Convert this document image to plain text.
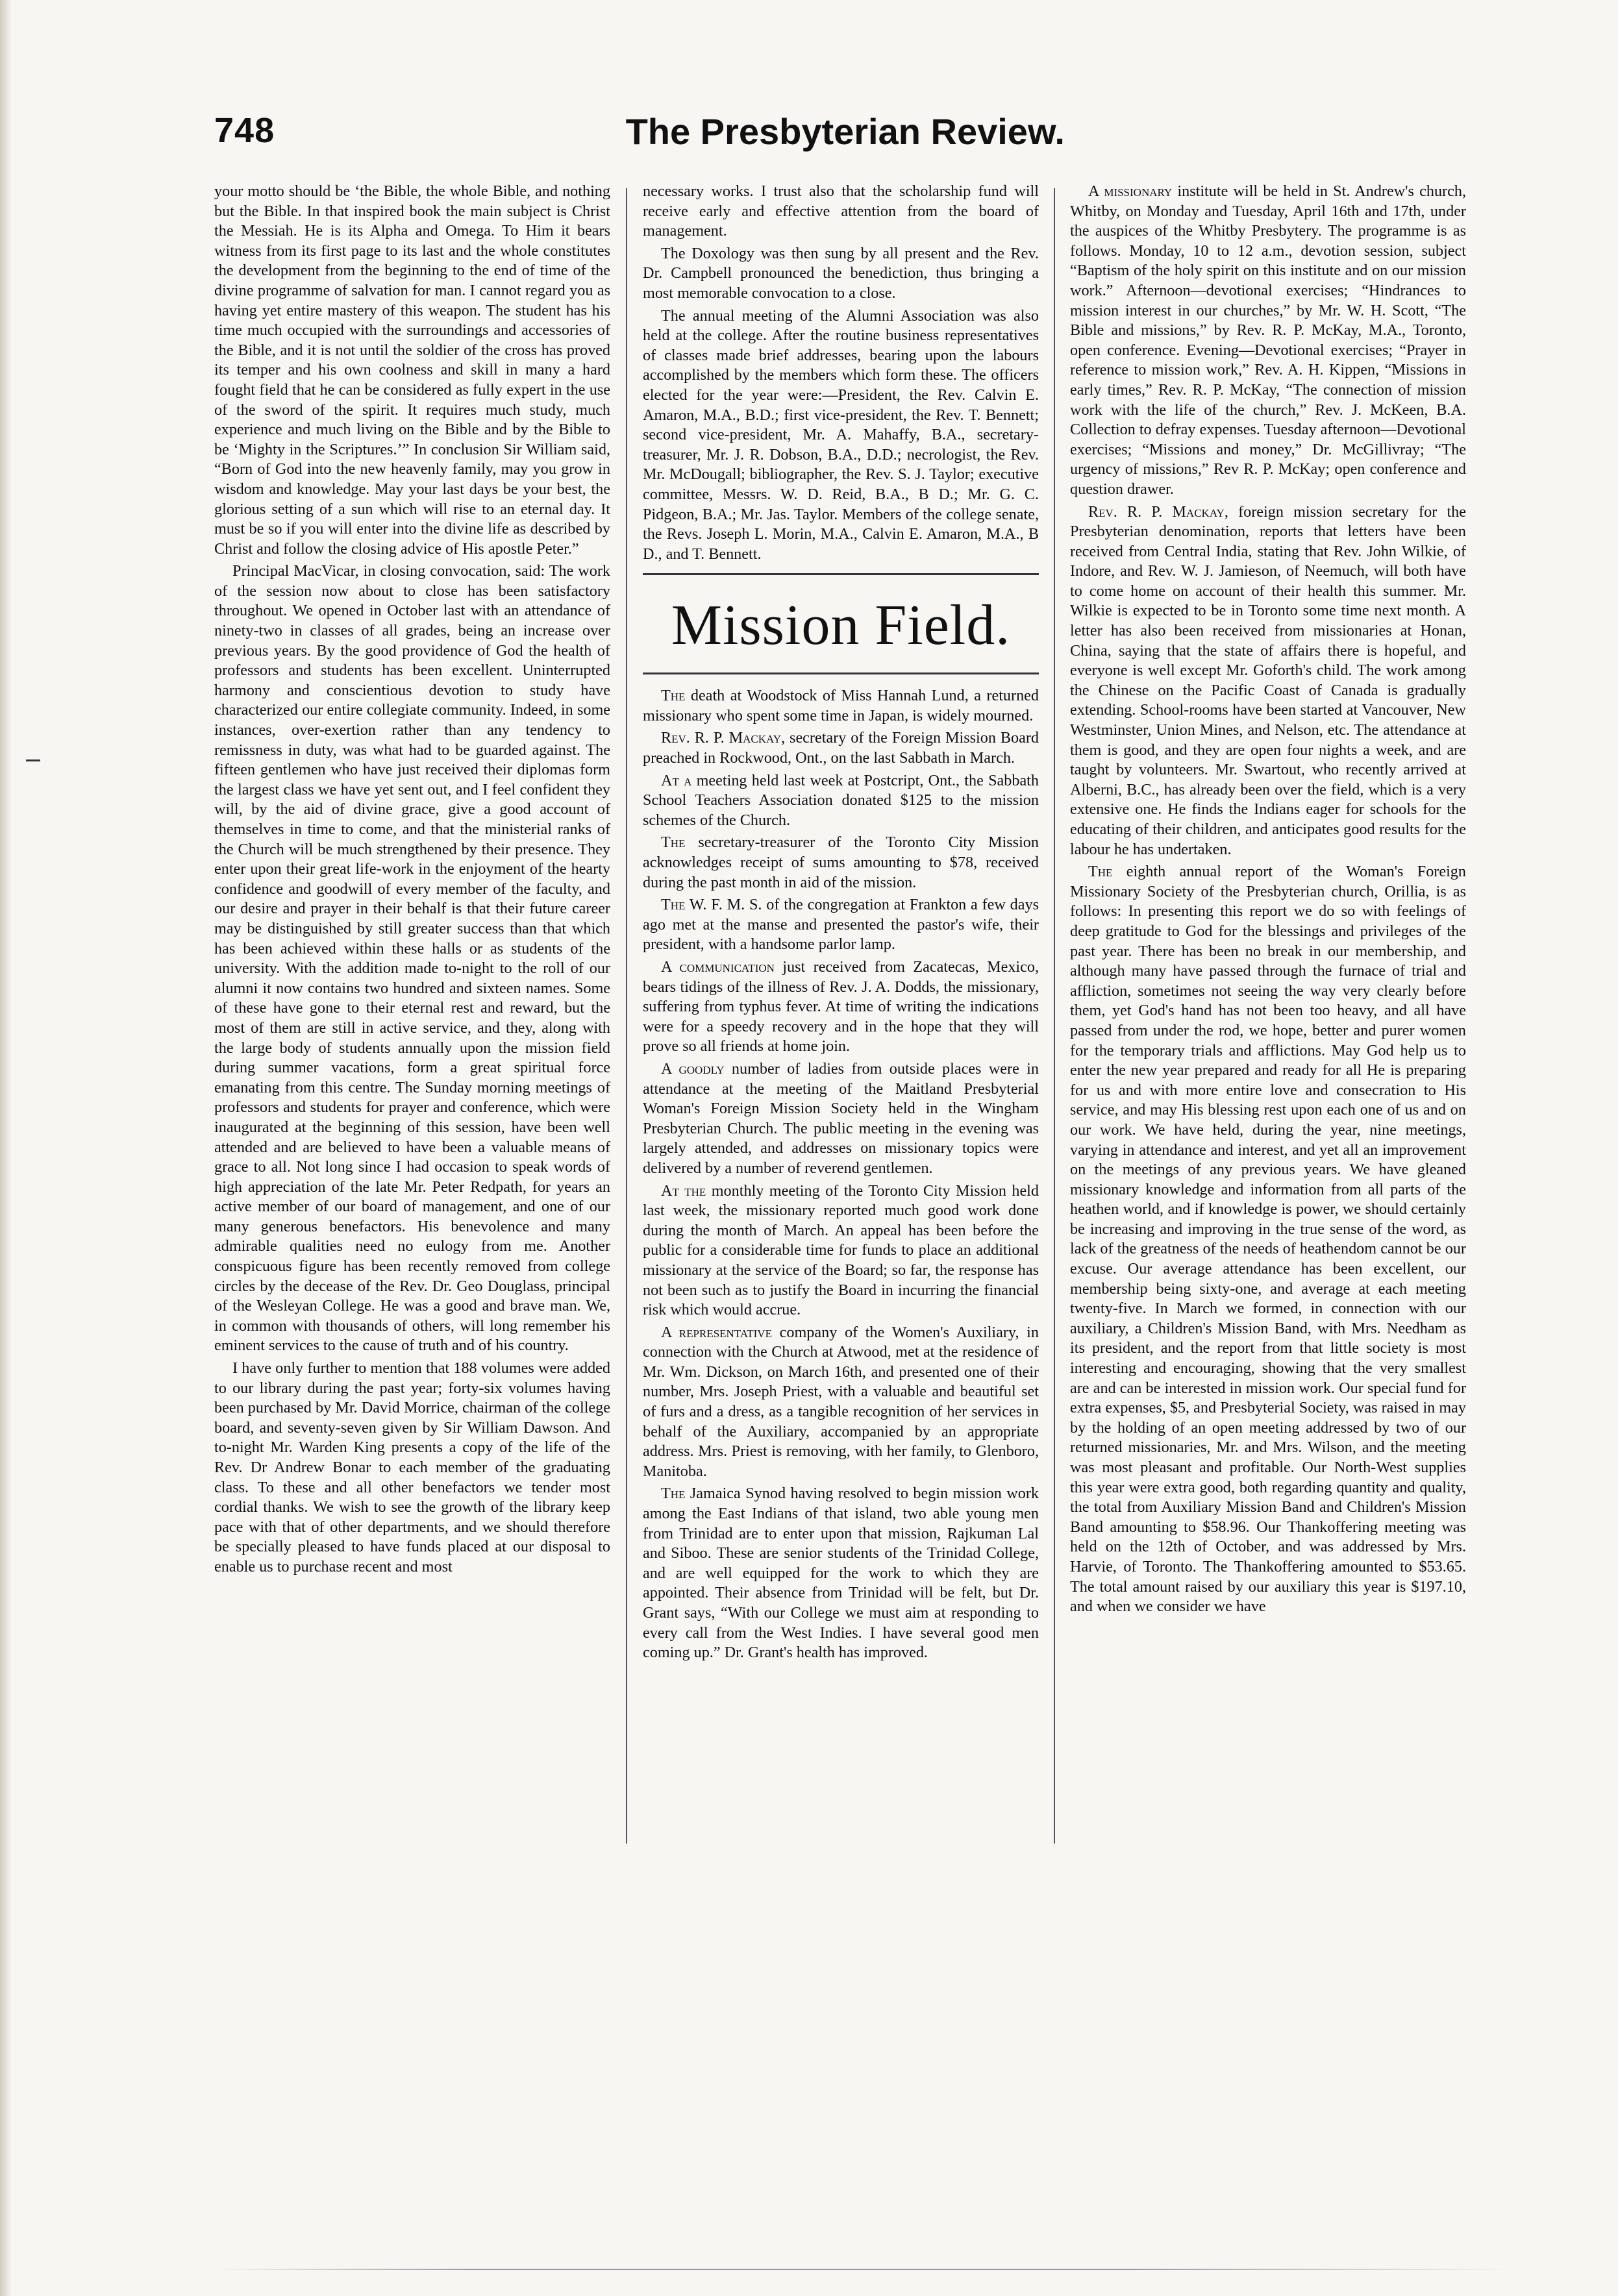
748	The Presbyterian Review.

your motto should be ‘the Bible, the whole Bible, and nothing but the Bible. In that inspired book the main subject is Christ the Messiah. He is its Alpha and Omega. To Him it bears witness from its first page to its last and the whole constitutes the development from the beginning to the end of time of the divine programme of salvation for man. I cannot regard you as having yet entire mastery of this weapon. The student has his time much occupied with the surroundings and accessories of the Bible, and it is not until the soldier of the cross has proved its temper and his own coolness and skill in many a hard fought field that he can be considered as fully expert in the use of the sword of the spirit. It requires much study, much experience and much living on the Bible and by the Bible to be ‘Mighty in the Scriptures.’” In conclusion Sir William said, “Born of God into the new heavenly family, may you grow in wisdom and knowledge. May your last days be your best, the glorious setting of a sun which will rise to an eternal day. It must be so if you will enter into the divine life as described by Christ and follow the closing advice of His apostle Peter.”

Principal MacVicar, in closing convocation, said: The work of the session now about to close has been satisfactory throughout. We opened in October last with an attendance of ninety-two in classes of all grades, being an increase over previous years. By the good providence of God the health of professors and students has been excellent. Uninterrupted harmony and conscientious devotion to study have characterized our entire collegiate community. Indeed, in some instances, over-exertion rather than any tendency to remissness in duty, was what had to be guarded against. The fifteen gentlemen who have just received their diplomas form the largest class we have yet sent out, and I feel confident they will, by the aid of divine grace, give a good account of themselves in time to come, and that the ministerial ranks of the Church will be much strengthened by their presence. They enter upon their great life-work in the enjoyment of the hearty confidence and goodwill of every member of the faculty, and our desire and prayer in their behalf is that their future career may be distinguished by still greater success than that which has been achieved within these halls or as students of the university. With the addition made to-night to the roll of our alumni it now contains two hundred and sixteen names. Some of these have gone to their eternal rest and reward, but the most of them are still in active service, and they, along with the large body of students annually upon the mission field during summer vacations, form a great spiritual force emanating from this centre. The Sunday morning meetings of professors and students for prayer and conference, which were inaugurated at the beginning of this session, have been well attended and are believed to have been a valuable means of grace to all. Not long since I had occasion to speak words of high appreciation of the late Mr. Peter Redpath, for years an active member of our board of management, and one of our many generous benefactors. His benevolence and many admirable qualities need no eulogy from me. Another conspicuous figure has been recently removed from college circles by the decease of the Rev. Dr. Geo Douglass, principal of the Wesleyan College. He was a good and brave man. We, in common with thousands of others, will long remember his eminent services to the cause of truth and of his country.

I have only further to mention that 188 volumes were added to our library during the past year; forty-six volumes having been purchased by Mr. David Morrice, chairman of the college board, and seventy-seven given by Sir William Dawson. And to-night Mr. Warden King presents a copy of the life of the Rev. Dr Andrew Bonar to each member of the graduating class. To these and all other benefactors we tender most cordial thanks. We wish to see the growth of the library keep pace with that of other departments, and we should therefore be specially pleased to have funds placed at our disposal to enable us to purchase recent and most

necessary works. I trust also that the scholarship fund will receive early and effective attention from the board of management.

The Doxology was then sung by all present and the Rev. Dr. Campbell pronounced the benediction, thus bringing a most memorable convocation to a close.

The annual meeting of the Alumni Association was also held at the college. After the routine business representatives of classes made brief addresses, bearing upon the labours accomplished by the members which form these. The officers elected for the year were:—President, the Rev. Calvin E. Amaron, M.A., B.D.; first vice-president, the Rev. T. Bennett; second vice-president, Mr. A. Mahaffy, B.A., secretary-treasurer, Mr. J. R. Dobson, B.A., D.D.; necrologist, the Rev. Mr. McDougall; bibliographer, the Rev. S. J. Taylor; executive committee, Messrs. W. D. Reid, B.A., B D.; Mr. G. C. Pidgeon, B.A.; Mr. Jas. Taylor. Members of the college senate, the Revs. Joseph L. Morin, M.A., Calvin E. Amaron, M.A., B D., and T. Bennett.

Mission Field.

The death at Woodstock of Miss Hannah Lund, a returned missionary who spent some time in Japan, is widely mourned.

Rev. R. P. Mackay, secretary of the Foreign Mission Board preached in Rockwood, Ont., on the last Sabbath in March.

At a meeting held last week at Postcript, Ont., the Sabbath School Teachers Association donated $125 to the mission schemes of the Church.

The secretary-treasurer of the Toronto City Mission acknowledges receipt of sums amounting to $78, received during the past month in aid of the mission.

The W. F. M. S. of the congregation at Frankton a few days ago met at the manse and presented the pastor's wife, their president, with a handsome parlor lamp.

A communication just received from Zacatecas, Mexico, bears tidings of the illness of Rev. J. A. Dodds, the missionary, suffering from typhus fever. At time of writing the indications were for a speedy recovery and in the hope that they will prove so all friends at home join.

A goodly number of ladies from outside places were in attendance at the meeting of the Maitland Presbyterial Woman's Foreign Mission Society held in the Wingham Presbyterian Church. The public meeting in the evening was largely attended, and addresses on missionary topics were delivered by a number of reverend gentlemen.

At the monthly meeting of the Toronto City Mission held last week, the missionary reported much good work done during the month of March. An appeal has been before the public for a considerable time for funds to place an additional missionary at the service of the Board; so far, the response has not been such as to justify the Board in incurring the financial risk which would accrue.

A representative company of the Women's Auxiliary, in connection with the Church at Atwood, met at the residence of Mr. Wm. Dickson, on March 16th, and presented one of their number, Mrs. Joseph Priest, with a valuable and beautiful set of furs and a dress, as a tangible recognition of her services in behalf of the Auxiliary, accompanied by an appropriate address. Mrs. Priest is removing, with her family, to Glenboro, Manitoba.

The Jamaica Synod having resolved to begin mission work among the East Indians of that island, two able young men from Trinidad are to enter upon that mission, Rajkuman Lal and Siboo. These are senior students of the Trinidad College, and are well equipped for the work to which they are appointed. Their absence from Trinidad will be felt, but Dr. Grant says, “With our College we must aim at responding to every call from the West Indies. I have several good men coming up.” Dr. Grant's health has improved.

A missionary institute will be held in St. Andrew's church, Whitby, on Monday and Tuesday, April 16th and 17th, under the auspices of the Whitby Presbytery. The programme is as follows. Monday, 10 to 12 a.m., devotion session, subject “Baptism of the holy spirit on this institute and on our mission work.” Afternoon—devotional exercises; “Hindrances to mission interest in our churches,” by Mr. W. H. Scott, “The Bible and missions,” by Rev. R. P. McKay, M.A., Toronto, open conference. Evening—Devotional exercises; “Prayer in reference to mission work,” Rev. A. H. Kippen, “Missions in early times,” Rev. R. P. McKay, “The connection of mission work with the life of the church,” Rev. J. McKeen, B.A. Collection to defray expenses. Tuesday afternoon—Devotional exercises; “Missions and money,” Dr. McGillivray; “The urgency of missions,” Rev R. P. McKay; open conference and question drawer.

Rev. R. P. Mackay, foreign mission secretary for the Presbyterian denomination, reports that letters have been received from Central India, stating that Rev. John Wilkie, of Indore, and Rev. W. J. Jamieson, of Neemuch, will both have to come home on account of their health this summer. Mr. Wilkie is expected to be in Toronto some time next month. A letter has also been received from missionaries at Honan, China, saying that the state of affairs there is hopeful, and everyone is well except Mr. Goforth's child. The work among the Chinese on the Pacific Coast of Canada is gradually extending. School-rooms have been started at Vancouver, New Westminster, Union Mines, and Nelson, etc. The attendance at them is good, and they are open four nights a week, and are taught by volunteers. Mr. Swartout, who recently arrived at Alberni, B.C., has already been over the field, which is a very extensive one. He finds the Indians eager for schools for the educating of their children, and anticipates good results for the labour he has undertaken.

The eighth annual report of the Woman's Foreign Missionary Society of the Presbyterian church, Orillia, is as follows: In presenting this report we do so with feelings of deep gratitude to God for the blessings and privileges of the past year. There has been no break in our membership, and although many have passed through the furnace of trial and affliction, sometimes not seeing the way very clearly before them, yet God's hand has not been too heavy, and all have passed from under the rod, we hope, better and purer women for the temporary trials and afflictions. May God help us to enter the new year prepared and ready for all He is preparing for us and with more entire love and consecration to His service, and may His blessing rest upon each one of us and on our work. We have held, during the year, nine meetings, varying in attendance and interest, and yet all an improvement on the meetings of any previous years. We have gleaned missionary knowledge and information from all parts of the heathen world, and if knowledge is power, we should certainly be increasing and improving in the true sense of the word, as lack of the greatness of the needs of heathendom cannot be our excuse. Our average attendance has been excellent, our membership being sixty-one, and average at each meeting twenty-five. In March we formed, in connection with our auxiliary, a Children's Mission Band, with Mrs. Needham as its president, and the report from that little society is most interesting and encouraging, showing that the very smallest are and can be interested in mission work. Our special fund for extra expenses, $5, and Presbyterial Society, was raised in may by the holding of an open meeting addressed by two of our returned missionaries, Mr. and Mrs. Wilson, and the meeting was most pleasant and profitable. Our North-West supplies this year were extra good, both regarding quantity and quality, the total from Auxiliary Mission Band and Children's Mission Band amounting to $58.96. Our Thankoffering meeting was held on the 12th of October, and was addressed by Mrs. Harvie, of Toronto. The Thankoffering amounted to $53.65. The total amount raised by our auxiliary this year is $197.10, and when we consider we have
